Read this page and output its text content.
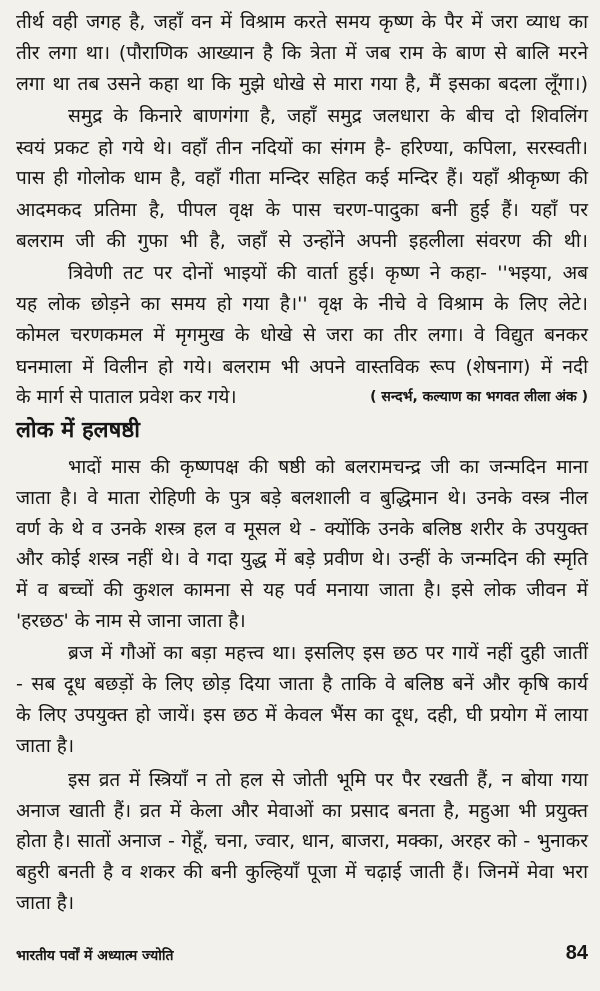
तीर्थ वही जगह है, जहाँ वन में विश्राम करते समय कृष्ण के पैर में जरा व्याध का
तीर लगा था। (पौराणिक आख्यान है कि त्रेता में जब राम के बाण से बालि मरने
लगा था तब उसने कहा था कि मुझे धोखे से मारा गया है, मैं इसका बदला लूँगा।)
समुद्र के किनारे बाणगंगा है, जहाँ समुद्र जलधारा के बीच दो शिवलिंग
स्वयं प्रकट हो गये थे। वहाँ तीन नदियों का संगम है- हरिण्या, कपिला, सरस्वती।
पास ही गोलोक धाम है, वहाँ गीता मन्दिर सहित कई मन्दिर हैं। यहाँ श्रीकृष्ण की
आदमकद प्रतिमा है, पीपल वृक्ष के पास चरण-पादुका बनी हुई हैं। यहाँ पर
बलराम जी की गुफा भी है, जहाँ से उन्होंने अपनी इहलीला संवरण की थी।
त्रिवेणी तट पर दोनों भाइयों की वार्ता हुई। कृष्ण ने कहा- ''भइया, अब
यह लोक छोड़ने का समय हो गया है।'' वृक्ष के नीचे वे विश्राम के लिए लेटे।
कोमल चरणकमल में मृगमुख के धोखे से जरा का तीर लगा। वे विद्युत बनकर
घनमाला में विलीन हो गये। बलराम भी अपने वास्तविक रूप (शेषनाग) में नदी
के मार्ग से पाताल प्रवेश कर गये।	( सन्दर्भ, कल्याण का भगवत लीला अंक )
लोक में हलषष्ठी
भादों मास की कृष्णपक्ष की षष्ठी को बलरामचन्द्र जी का जन्मदिन माना
जाता है। वे माता रोहिणी के पुत्र बड़े बलशाली व बुद्धिमान थे। उनके वस्त्र नील
वर्ण के थे व उनके शस्त्र हल व मूसल थे - क्योंकि उनके बलिष्ठ शरीर के उपयुक्त
और कोई शस्त्र नहीं थे। वे गदा युद्ध में बड़े प्रवीण थे। उन्हीं के जन्मदिन की स्मृति
में व बच्चों की कुशल कामना से यह पर्व मनाया जाता है। इसे लोक जीवन में
'हरछठ' के नाम से जाना जाता है।
ब्रज में गौओं का बड़ा महत्त्व था। इसलिए इस छठ पर गायें नहीं दुही जातीं
- सब दूध बछड़ों के लिए छोड़ दिया जाता है ताकि वे बलिष्ठ बनें और कृषि कार्य
के लिए उपयुक्त हो जायें। इस छठ में केवल भैंस का दूध, दही, घी प्रयोग में लाया
जाता है।
इस व्रत में स्त्रियाँ न तो हल से जोती भूमि पर पैर रखती हैं, न बोया गया
अनाज खाती हैं। व्रत में केला और मेवाओं का प्रसाद बनता है, महुआ भी प्रयुक्त
होता है। सातों अनाज - गेहूँ, चना, ज्वार, धान, बाजरा, मक्का, अरहर को - भुनाकर
बहुरी बनती है व शकर की बनी कुल्हियाँ पूजा में चढ़ाई जाती हैं। जिनमें मेवा भरा
जाता है।
भारतीय पर्वों में अध्यात्म ज्योति	84
